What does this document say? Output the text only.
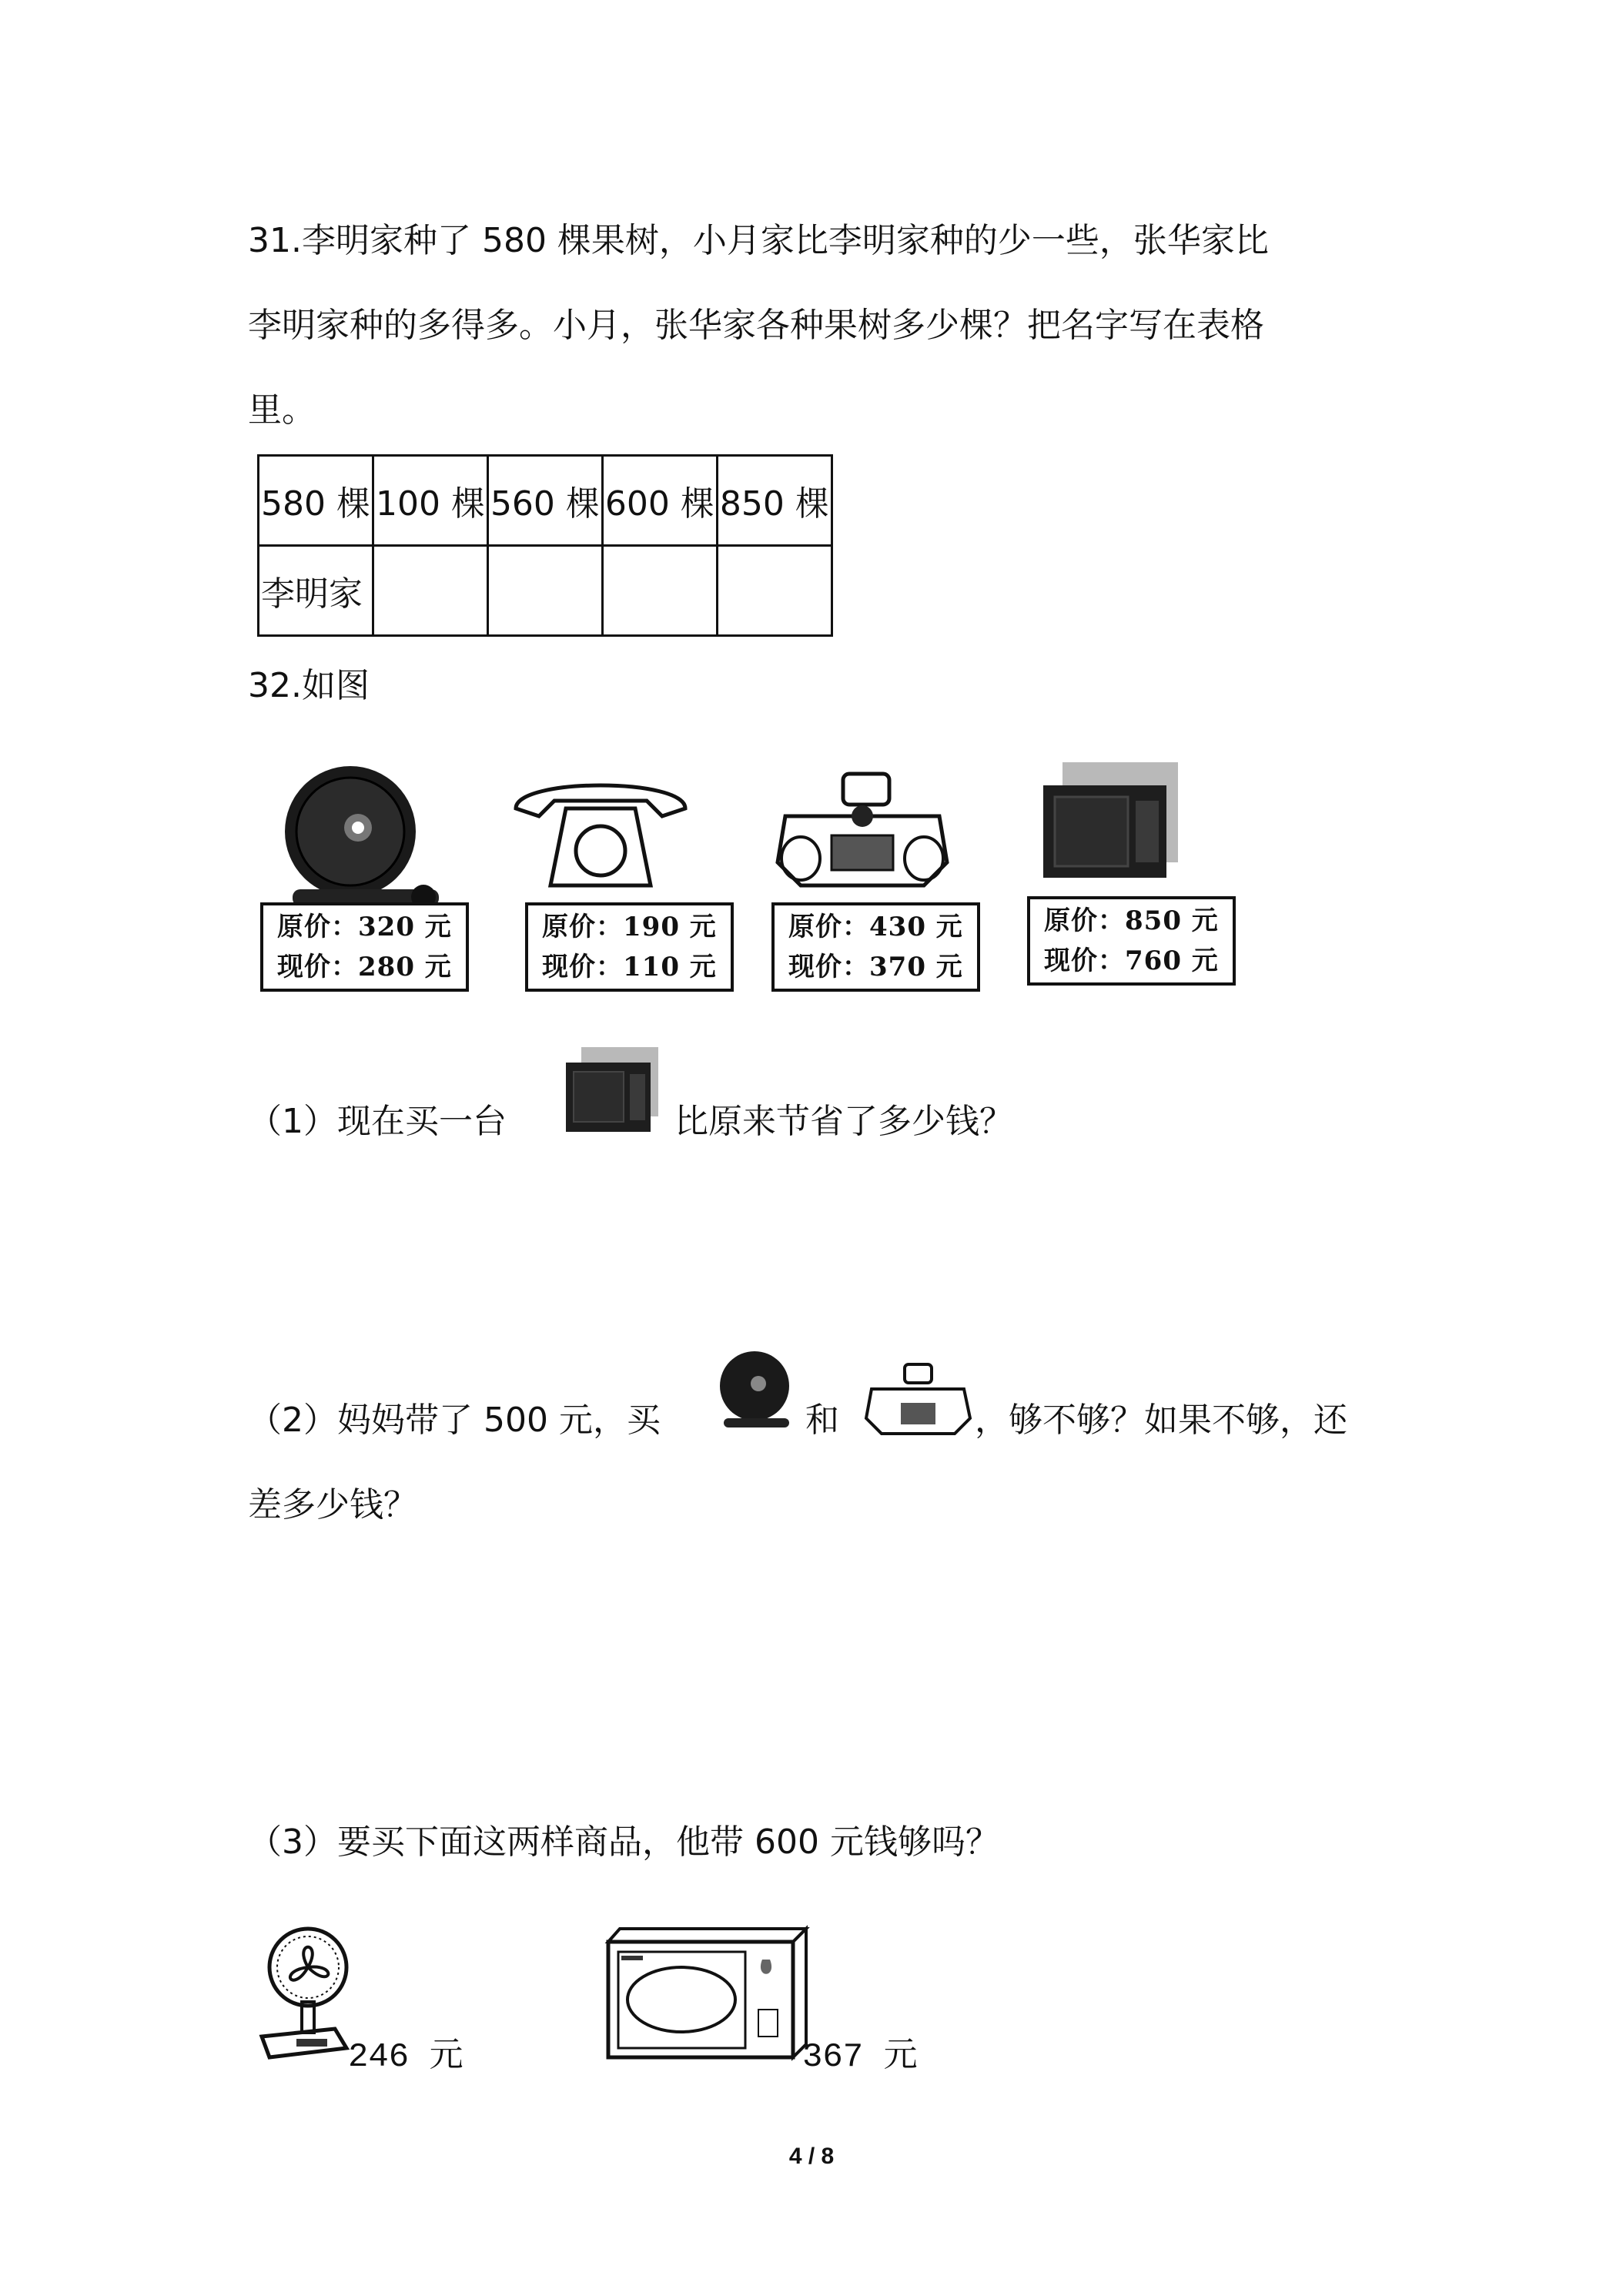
31.李明家种了 580 棵果树，小月家比李明家种的少一些，张华家比
李明家种的多得多。小月，张华家各种果树多少棵？把名字写在表格
里。
580 棵	100 棵	560 棵	600 棵	850 棵
李明家				
32.如图
原价：320 元
现价：280 元
原价：190 元
现价：110 元
原价：430 元
现价：370 元
原价：850 元
现价：760 元
（1）现在买一台	比原来节省了多少钱？
（2）妈妈带了 500 元，买	和	，够不够？如果不够，还
差多少钱？
（3）要买下面这两样商品，他带 600 元钱够吗？
246 元	367 元
4 / 8
